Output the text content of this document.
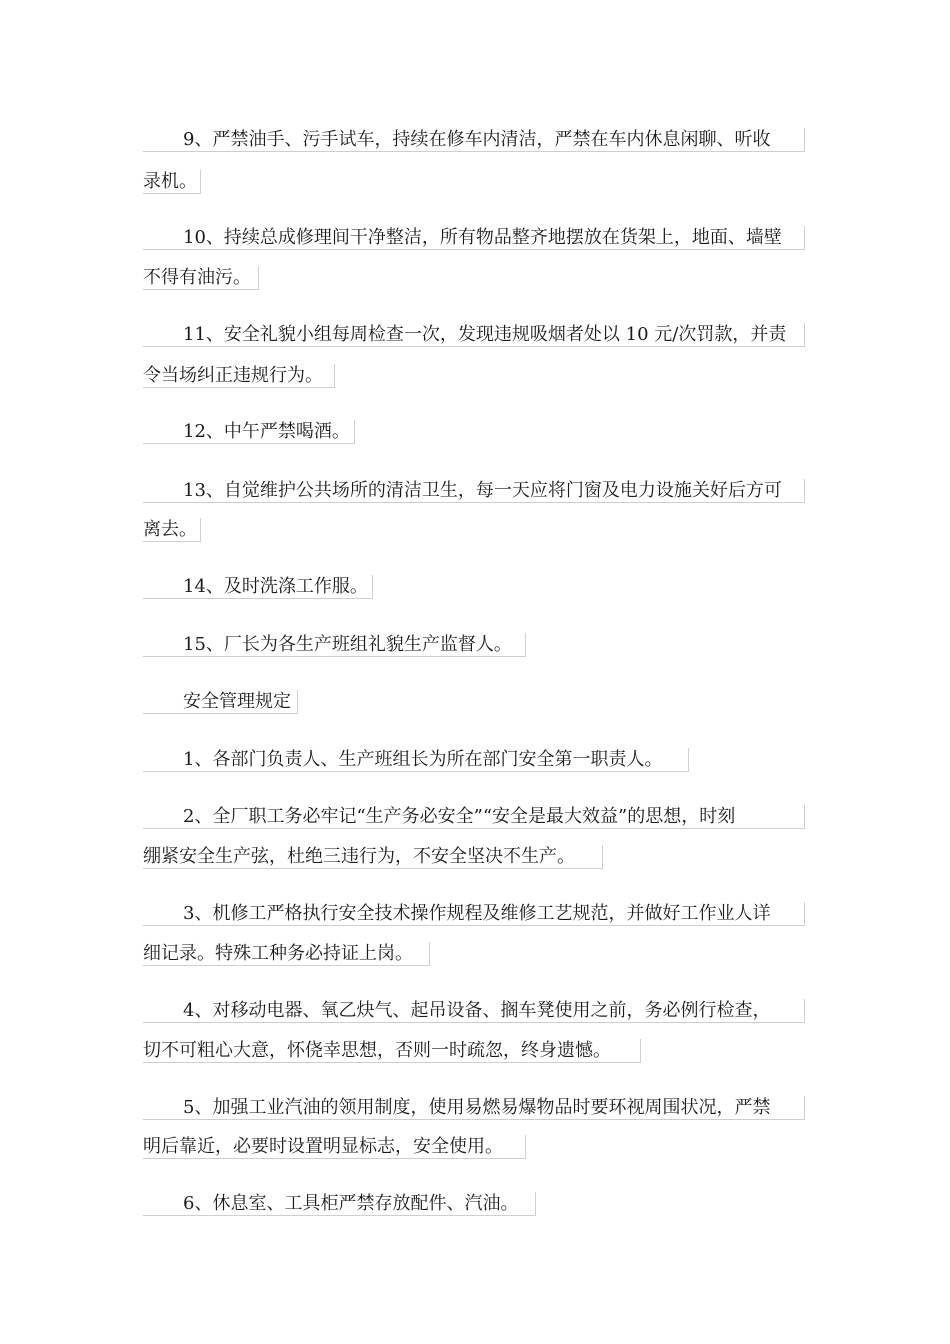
9、严禁油手、污手试车，持续在修车内清洁，严禁在车内休息闲聊、听收
录机。
10、持续总成修理间干净整洁，所有物品整齐地摆放在货架上，地面、墙壁
不得有油污。
11、安全礼貌小组每周检查一次，发现违规吸烟者处以 10 元/次罚款，并责
令当场纠正违规行为。
12、中午严禁喝酒。
13、自觉维护公共场所的清洁卫生，每一天应将门窗及电力设施关好后方可
离去。
14、及时洗涤工作服。
15、厂长为各生产班组礼貌生产监督人。
安全管理规定
1、各部门负责人、生产班组长为所在部门安全第一职责人。
2、全厂职工务必牢记“生产务必安全”“安全是最大效益”的思想，时刻
绷紧安全生产弦，杜绝三违行为，不安全坚决不生产。
3、机修工严格执行安全技术操作规程及维修工艺规范，并做好工作业人详
细记录。特殊工种务必持证上岗。
4、对移动电器、氧乙炔气、起吊设备、搁车凳使用之前，务必例行检查，
切不可粗心大意，怀侥幸思想，否则一时疏忽，终身遗憾。
5、加强工业汽油的领用制度，使用易燃易爆物品时要环视周围状况，严禁
明后靠近，必要时设置明显标志，安全使用。
6、休息室、工具柜严禁存放配件、汽油。
